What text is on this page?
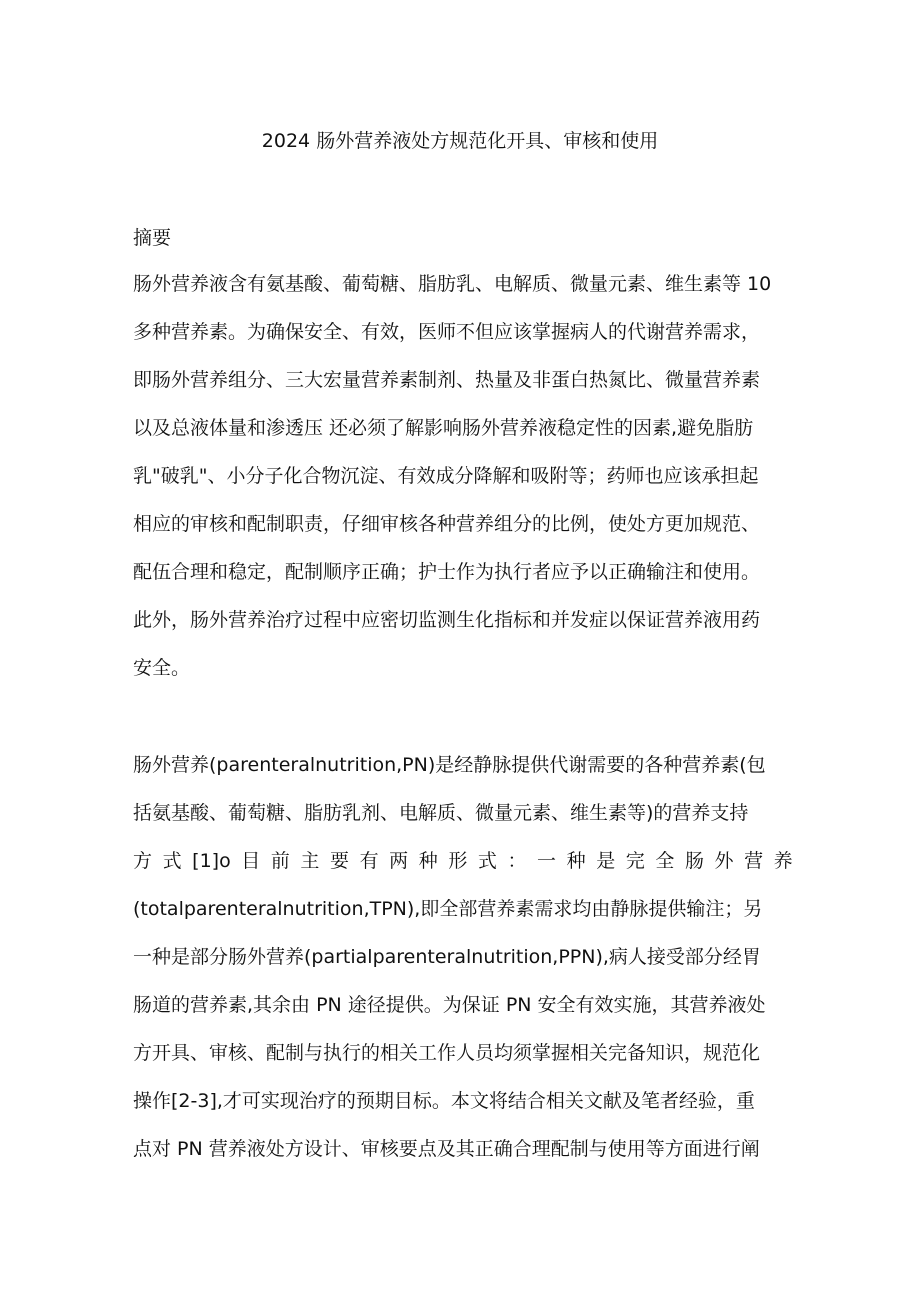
2024 肠外营养液处方规范化开具、审核和使用
摘要
肠外营养液含有氨基酸、葡萄糖、脂肪乳、电解质、微量元素、维生素等 10
多种营养素。为确保安全、有效，医师不但应该掌握病人的代谢营养需求，
即肠外营养组分、三大宏量营养素制剂、热量及非蛋白热氮比、微量营养素
以及总液体量和渗透压 还必须了解影响肠外营养液稳定性的因素,避免脂肪
乳"破乳"、小分子化合物沉淀、有效成分降解和吸附等；药师也应该承担起
相应的审核和配制职责，仔细审核各种营养组分的比例，使处方更加规范、
配伍合理和稳定，配制顺序正确；护士作为执行者应予以正确输注和使用。
此外，肠外营养治疗过程中应密切监测生化指标和并发症以保证营养液用药
安全。
肠外营养(parenteralnutrition,PN)是经静脉提供代谢需要的各种营养素(包
括氨基酸、葡萄糖、脂肪乳剂、电解质、微量元素、维生素等)的营养支持
方 式 [1]o 目 前 主 要 有 两 种 形 式 ： 一 种 是 完 全 肠 外 营 养
(totalparenteralnutrition,TPN),即全部营养素需求均由静脉提供输注；另
一种是部分肠外营养(partialparenteralnutrition,PPN),病人接受部分经胃
肠道的营养素,其余由 PN 途径提供。为保证 PN 安全有效实施，其营养液处
方开具、审核、配制与执行的相关工作人员均须掌握相关完备知识，规范化
操作[2-3],才可实现治疗的预期目标。本文将结合相关文献及笔者经验，重
点对 PN 营养液处方设计、审核要点及其正确合理配制与使用等方面进行阐
